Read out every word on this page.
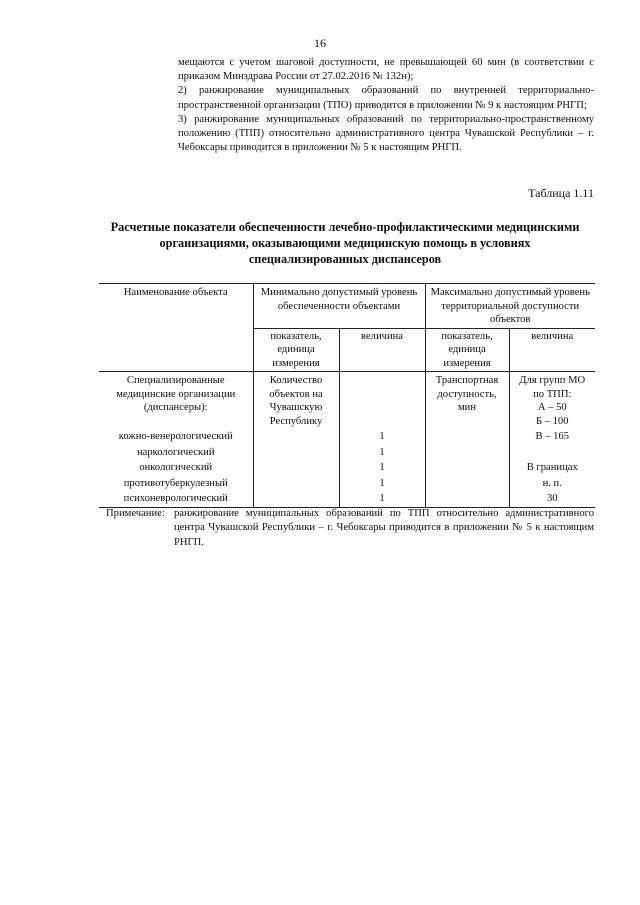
16

мещаются с учетом шаговой доступности, не превышающей 60 мин (в соответствии с приказом Минздрава России от 27.02.2016 № 132н);

2) ранжирование муниципальных образований по внутренней территориально-пространственной организации (ТПО) приводится в приложении № 9 к настоящим РНГП;

3) ранжирование муниципальных образований по территориально-пространственному положению (ТПП) относительно административного центра Чувашской Республики – г. Чебоксары приводится в приложении № 5 к настоящим РНГП.

Таблица 1.11
Расчетные показатели обеспеченности лечебно-профилактическими медицинскими организациями, оказывающими медицинскую помощь в условиях специализированных диспансеров
Наименование объекта	Минимально допустимый уровень обеспеченности объектами		Максимально допустимый уровень территориальной доступности объектов	
	показатель, единица измерения	величина	показатель, единица измерения	величина
Специализированные медицинские организации (диспансеры):	Количество объектов на Чувашскую Республику		Транспортная доступность, мин	Для групп МО
по ТПП:
А – 50
Б – 100

кожно-венерологический		1		В – 165
наркологический		1		
онкологический		1		В границах
противотуберкулезный		1		н. п.
психоневрологический		1		30
Примечание: ранжирование муниципальных образований по ТПП относительно административного центра Чувашской Республики – г. Чебоксары приводится в приложении № 5 к настоящим РНГП.
